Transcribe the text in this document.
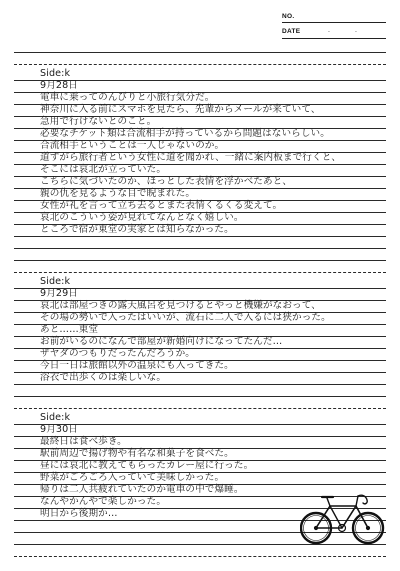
NO.
DATE	.	.
Side:k
9月28日
電車に乗ってのんびりと小旅行気分だ。
神奈川に入る前にスマホを見たら、先輩からメールが来ていて、
急用で行けないとのこと。
必要なチケット類は合流相手が持っているから問題はないらしい。
合流相手ということは一人じゃないのか。
道すがら旅行者という女性に道を聞かれ、一緒に案内板まで行くと、
そこには哀北が立っていた。
こちらに気づいたのか、ほっとした表情を浮かべたあと、
親の仇を見るような目で睨まれた。
女性が礼を言って立ち去るとまた表情くるくる変えて。
哀北のこういう姿が見れてなんとなく嬉しい。
ところで宿が東堂の実家とは知らなかった。
Side:k
9月29日
哀北は部屋つきの露天風呂を見つけるとやっと機嫌がなおって、
その場の勢いで入ったはいいが、流石に二人で入るには狭かった。
あと……東堂
お前がいるのになんで部屋が新婚向けになってたんだ…
ザヤダのつもりだったんだろうか。
今日一日は旅館以外の温泉にも入ってきた。
浴衣で出歩くのは楽しいな。
Side:k
9月30日
最終日は食べ歩き。
駅前周辺で揚げ物や有名な和菓子を食べた。
昼には哀北に教えてもらったカレー屋に行った。
野菜がごろごろ入っていて美味しかった。
帰りは二人共疲れていたのか電車の中で爆睡。
なんやかんやで楽しかった。
明日から後期か…
